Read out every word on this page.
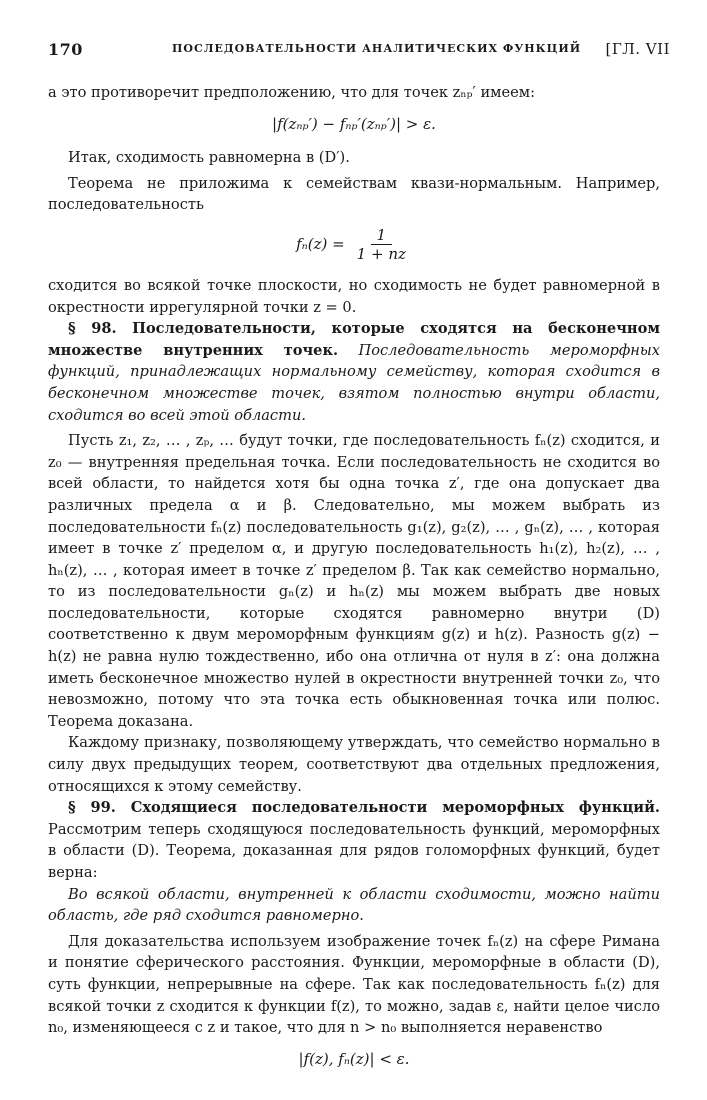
170	ПОСЛЕДОВАТЕЛЬНОСТИ АНАЛИТИЧЕСКИХ ФУНКЦИЙ [ГЛ. VII

а это противоречит предположению, что для точек zₙₚ′ имеем:

|f(zₙₚ′) − fₙₚ′(zₙₚ′)| > ε.

Итак, сходимость равномерна в (D′).

Теорема не приложима к семействам квази-нормальным. Например, последовательность

$f_n(z) = \frac{1}{1 + nz}$

сходится во всякой точке плоскости, но сходимость не будет равномерной в окрестности иррегулярной точки z = 0.

§ 98. Последовательности, которые сходятся на бесконечном множестве внутренних точек. Последовательность мероморфных функций, принадлежащих нормальному семейству, которая сходится в бесконечном множестве точек, взятом полностью внутри области, сходится во всей этой области.

Пусть z₁, z₂, … , zₚ, … будут точки, где последовательность fₙ(z) сходится, и z₀ — внутренняя предельная точка. Если последовательность не сходится во всей области, то найдется хотя бы одна точка z′, где она допускает два различных предела α и β. Следовательно, мы можем выбрать из последовательности fₙ(z) последовательность g₁(z), g₂(z), … , gₙ(z), … , которая имеет в точке z′ пределом α, и другую последовательность h₁(z), h₂(z), … , hₙ(z), … , которая имеет в точке z′ пределом β. Так как семейство нормально, то из последовательности gₙ(z) и hₙ(z) мы можем выбрать две новых последовательности, которые сходятся равномерно внутри (D) соответственно к двум мероморфным функциям g(z) и h(z). Разность g(z) − h(z) не равна нулю тождественно, ибо она отлична от нуля в z′: она должна иметь бесконечное множество нулей в окрестности внутренней точки z₀, что невозможно, потому что эта точка есть обыкновенная точка или полюс. Теорема доказана.

Каждому признаку, позволяющему утверждать, что семейство нормально в силу двух предыдущих теорем, соответствуют два отдельных предложения, относящихся к этому семейству.

§ 99. Сходящиеся последовательности мероморфных функций. Рассмотрим теперь сходящуюся последовательность функций, мероморфных в области (D). Теорема, доказанная для рядов голоморфных функций, будет верна:

Во всякой области, внутренней к области сходимости, можно найти область, где ряд сходится равномерно.

Для доказательства используем изображение точек fₙ(z) на сфере Римана и понятие сферического расстояния. Функции, мероморфные в области (D), суть функции, непрерывные на сфере. Так как последовательность fₙ(z) для всякой точки z сходится к функции f(z), то можно, задав ε, найти целое число n₀, изменяющееся с z и такое, что для n > n₀ выполняется неравенство

|f(z), fₙ(z)| < ε.
